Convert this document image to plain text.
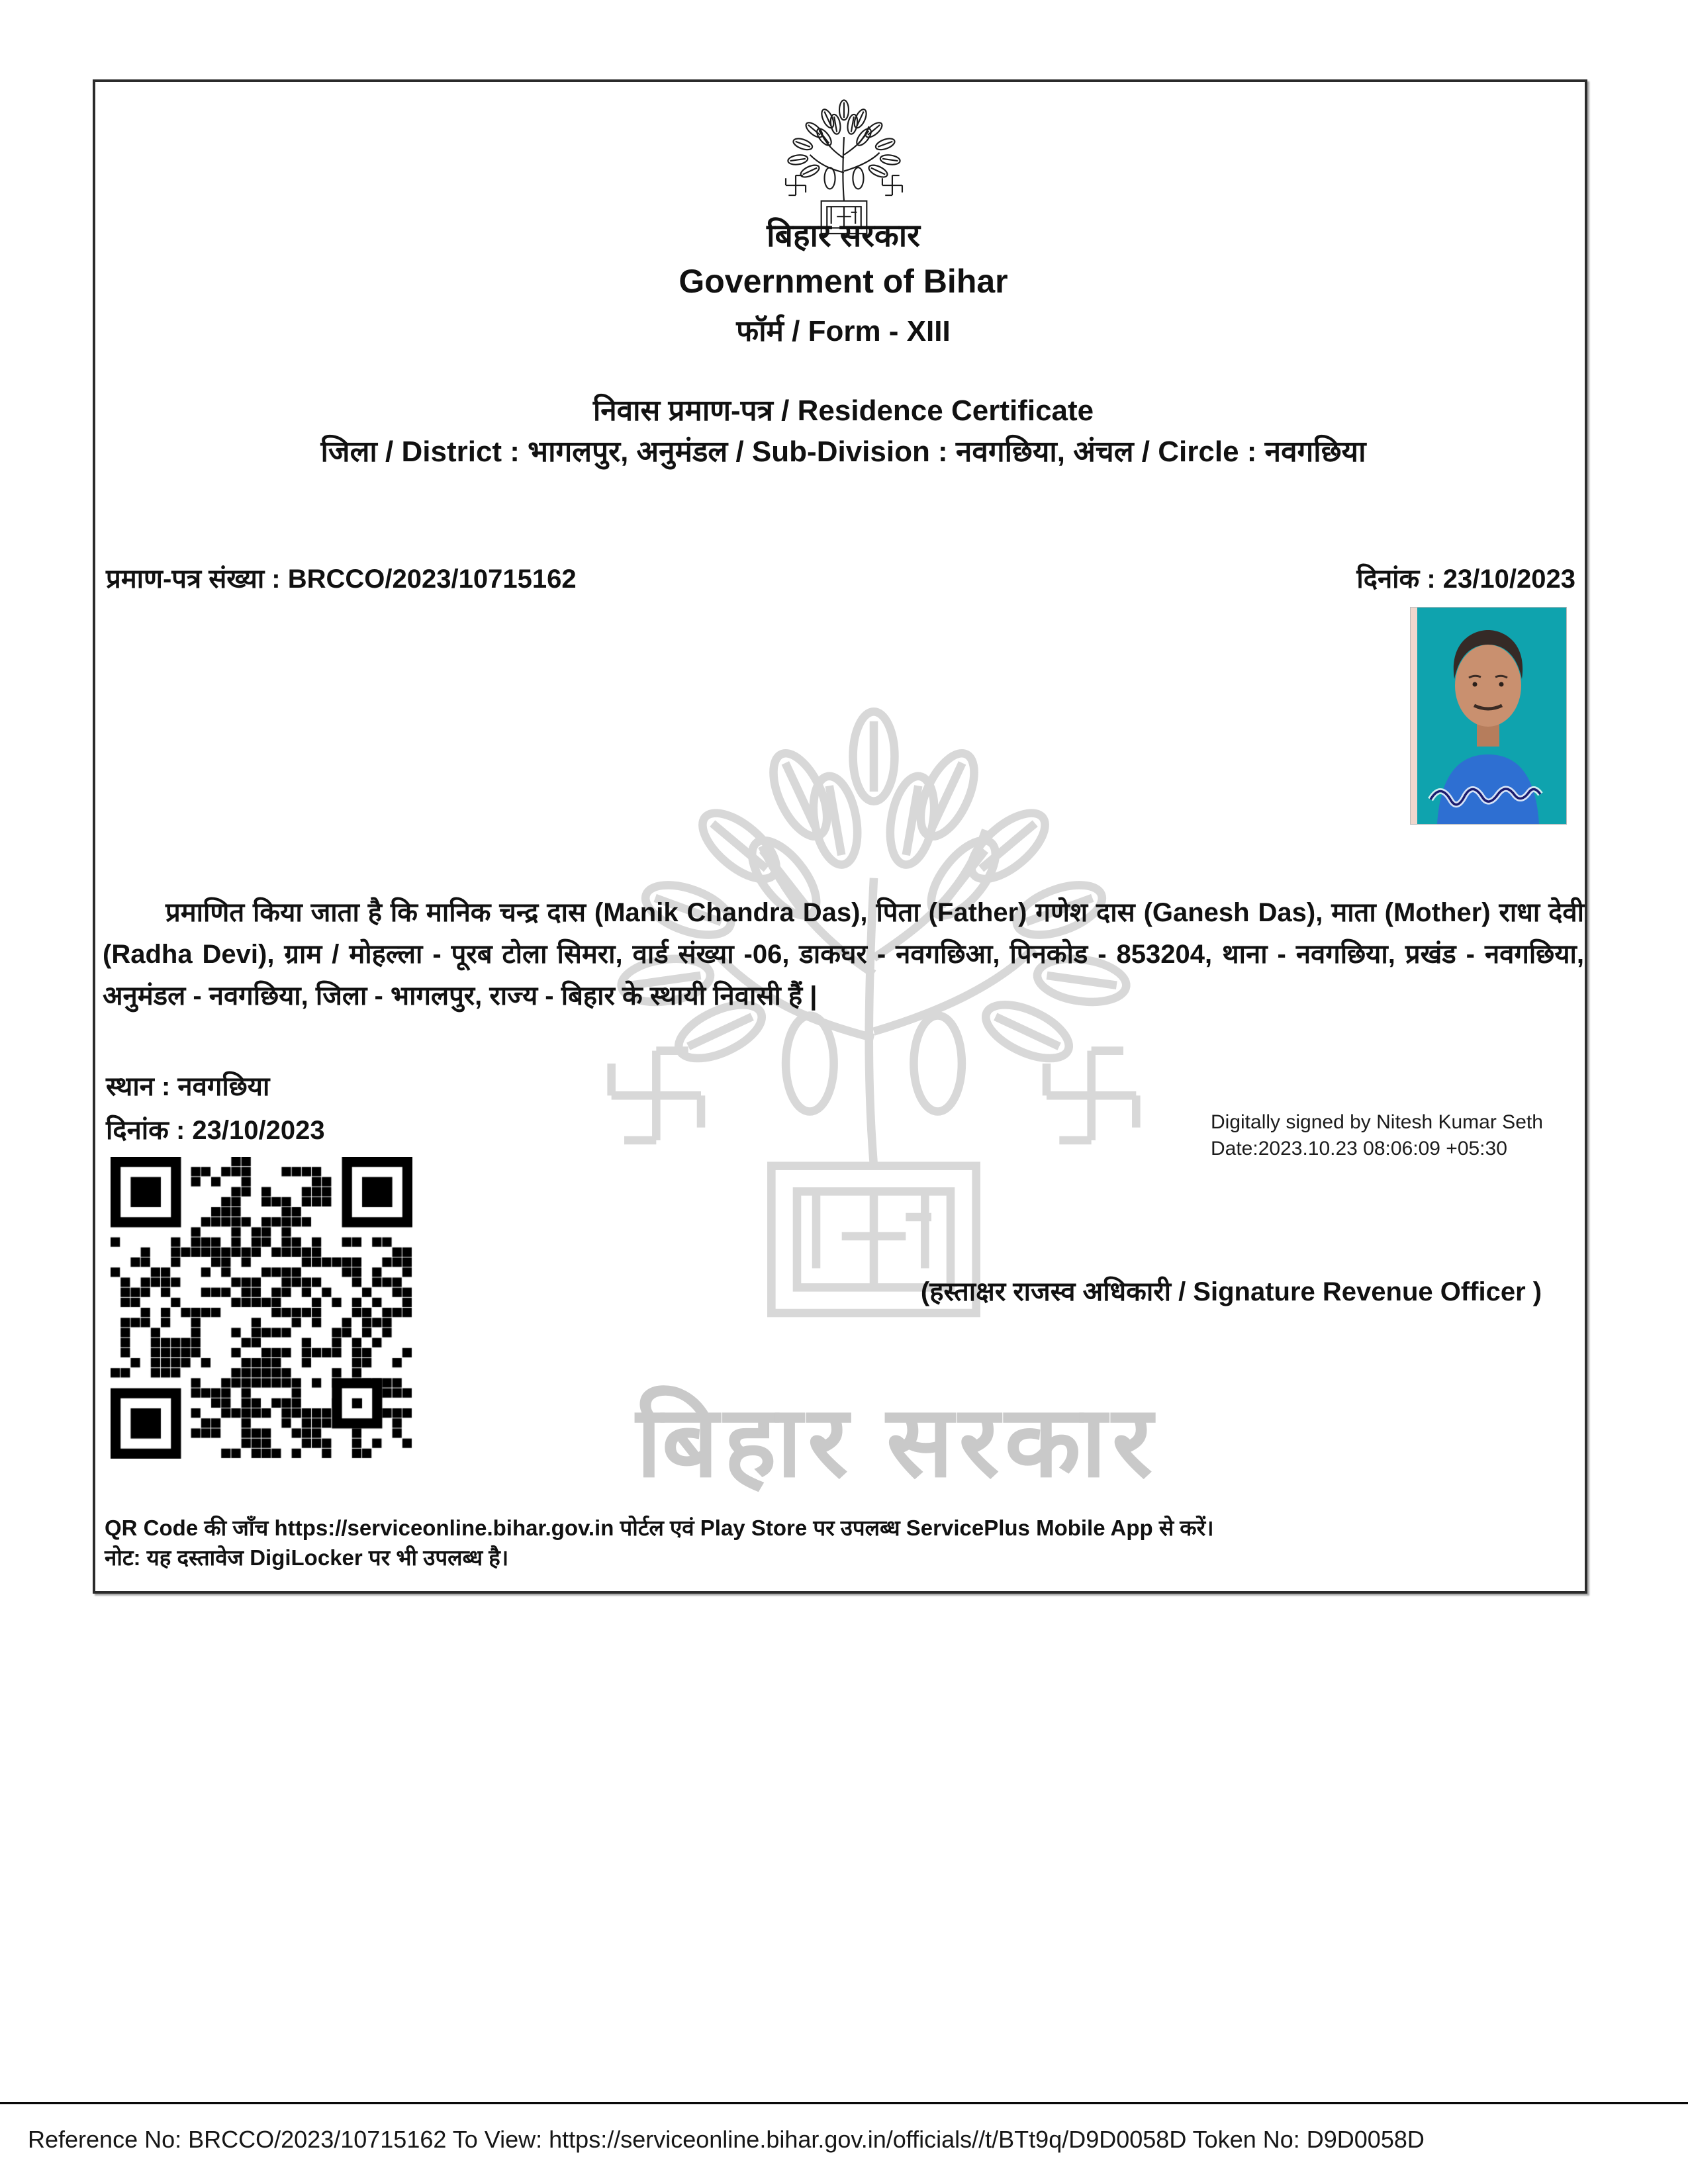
बिहार सरकार
बिहार सरकार
Government of Bihar
फॉर्म / Form - XIII
निवास प्रमाण-पत्र / Residence Certificate
जिला / District : भागलपुर, अनुमंडल / Sub-Division : नवगछिया, अंचल / Circle : नवगछिया
प्रमाण-पत्र संख्या : BRCCO/2023/10715162	दिनांक : 23/10/2023
प्रमाणित किया जाता है कि मानिक चन्द्र दास (Manik Chandra Das), पिता (Father) गणेश दास (Ganesh Das), माता (Mother) राधा देवी (Radha Devi), ग्राम / मोहल्ला - पूरब टोला सिमरा, वार्ड संख्या -06, डाकघर - नवगछिआ, पिनकोड - 853204, थाना - नवगछिया, प्रखंड - नवगछिया, अनुमंडल - नवगछिया, जिला - भागलपुर, राज्य - बिहार के स्थायी निवासी हैं |
स्थान : नवगछिया
दिनांक : 23/10/2023	Digitally signed by Nitesh Kumar Seth
Date:2023.10.23 08:06:09 +05:30
(हस्ताक्षर राजस्व अधिकारी / Signature Revenue Officer )
QR Code की जाँच https://serviceonline.bihar.gov.in पोर्टल एवं Play Store पर उपलब्ध ServicePlus Mobile App से करें।
नोट: यह दस्तावेज DigiLocker पर भी उपलब्ध है।
Reference No: BRCCO/2023/10715162 To View: https://serviceonline.bihar.gov.in/officials//t/BTt9q/D9D0058D Token No: D9D0058D
